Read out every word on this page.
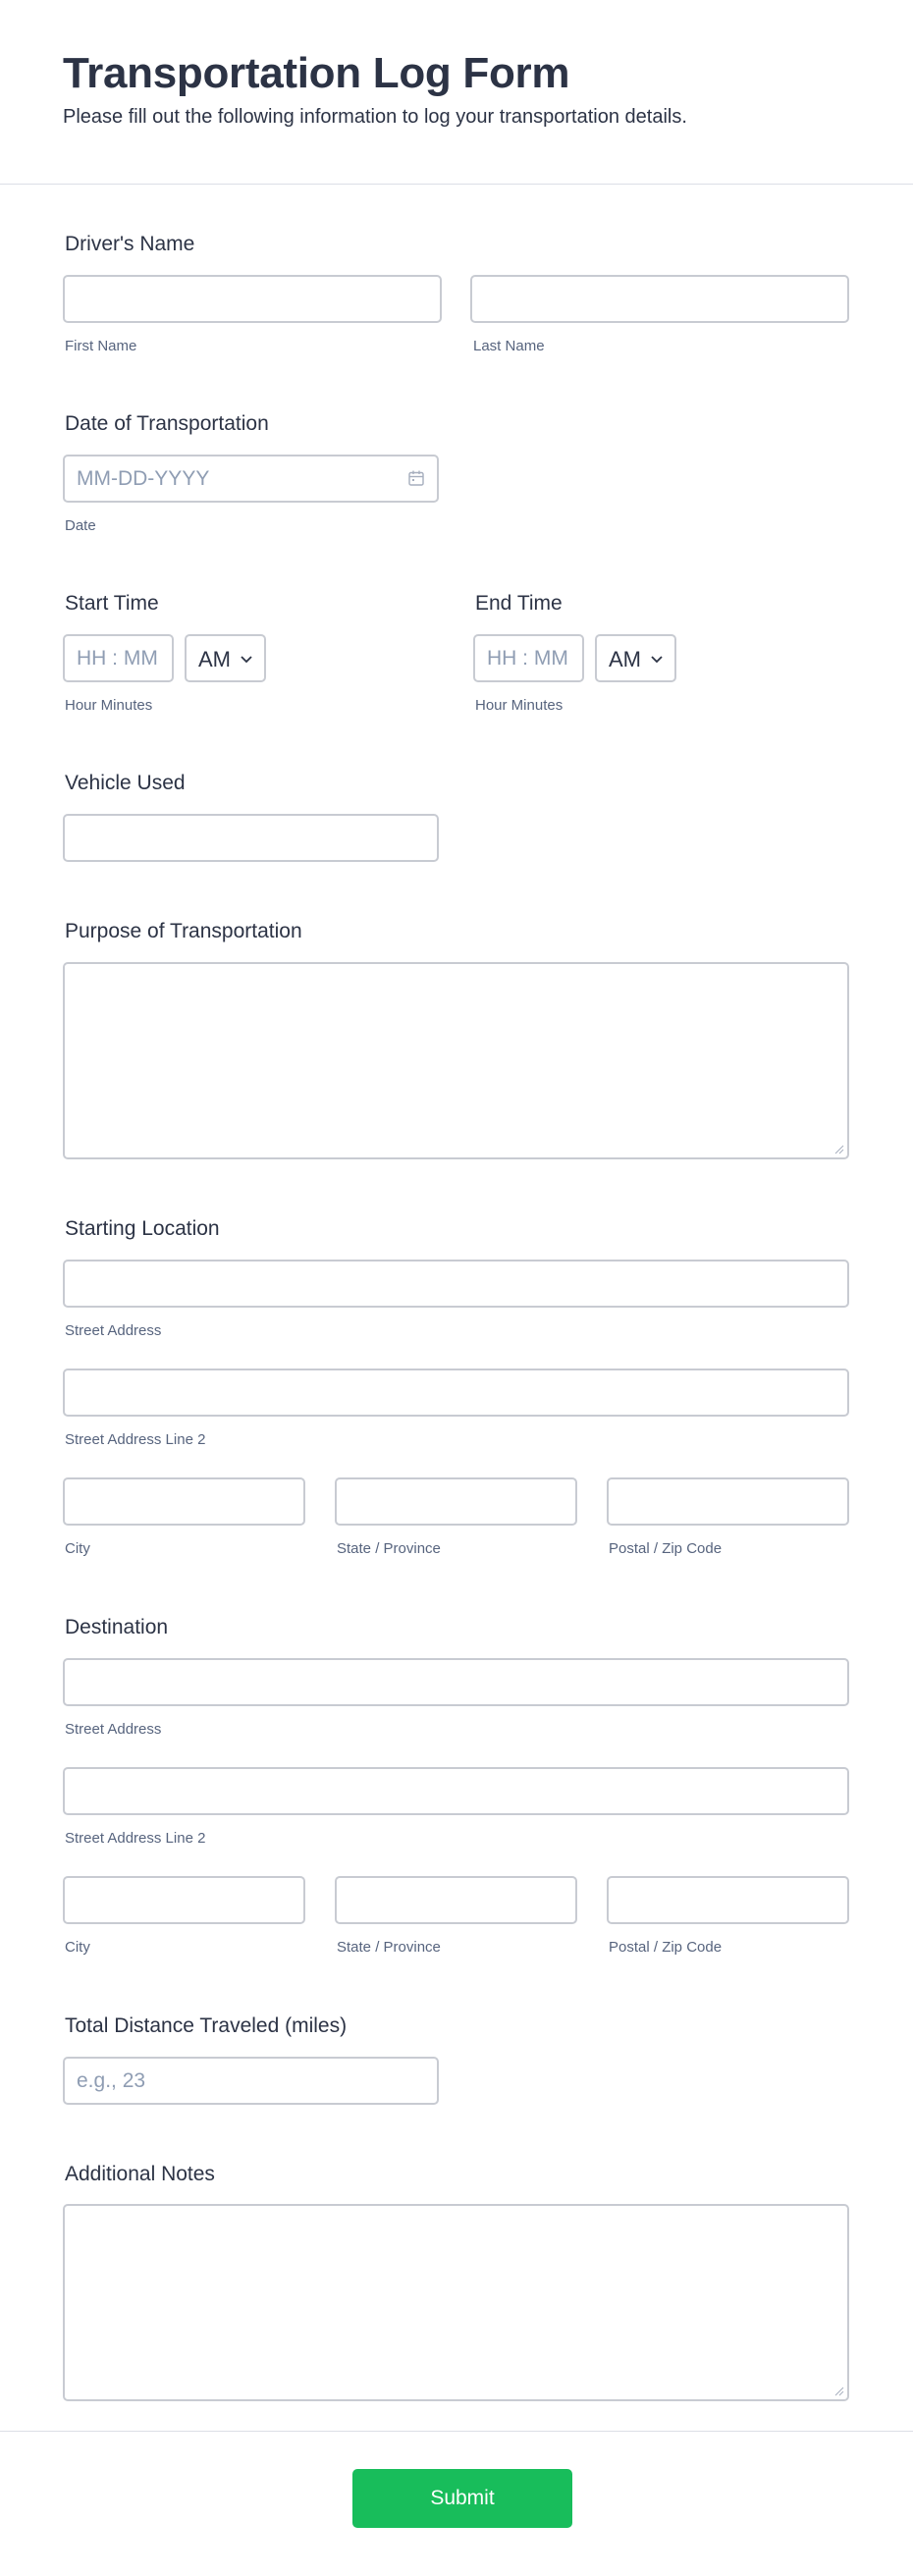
Transportation Log Form
Please fill out the following information to log your transportation details.
Driver's Name
First Name	Last Name
Date of Transportation
MM-DD-YYYY
Date
Start Time
HH : MM AM
Hour Minutes
End Time
HH : MM AM
Hour Minutes
Vehicle Used
Purpose of Transportation
Starting Location
Street Address
Street Address Line 2
City	State / Province	Postal / Zip Code
Destination
Street Address
Street Address Line 2
City	State / Province	Postal / Zip Code
Total Distance Traveled (miles)
e.g., 23
Additional Notes
Submit
